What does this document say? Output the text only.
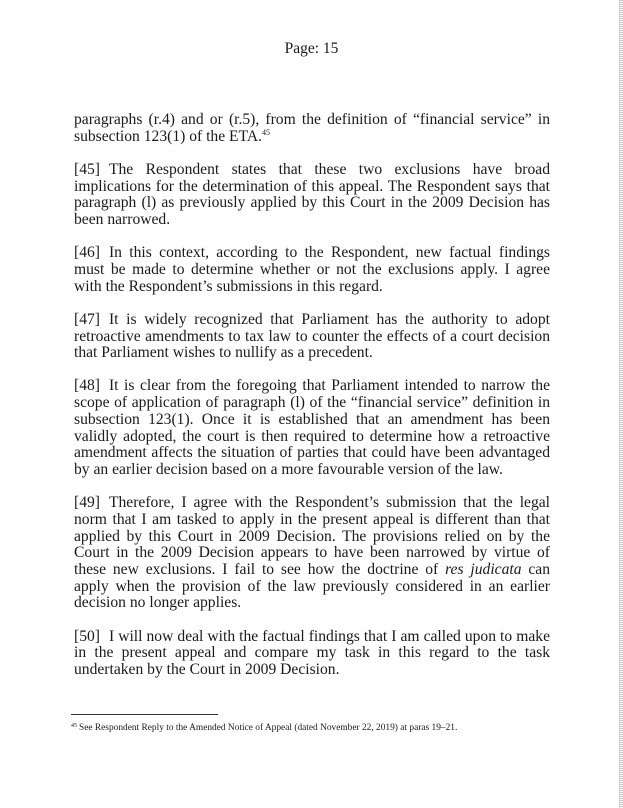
Page: 15

paragraphs (r.4) and or (r.5), from the definition of “financial service” in subsection 123(1) of the ETA.$^{45}$

[45] The Respondent states that these two exclusions have broad implications for the determination of this appeal. The Respondent says that paragraph (l) as previously applied by this Court in the 2009 Decision has been narrowed.

[46] In this context, according to the Respondent, new factual findings must be made to determine whether or not the exclusions apply. I agree with the Respondent’s submissions in this regard.

[47] It is widely recognized that Parliament has the authority to adopt retroactive amendments to tax law to counter the effects of a court decision that Parliament wishes to nullify as a precedent.

[48] It is clear from the foregoing that Parliament intended to narrow the scope of application of paragraph (l) of the “financial service” definition in subsection 123(1). Once it is established that an amendment has been validly adopted, the court is then required to determine how a retroactive amendment affects the situation of parties that could have been advantaged by an earlier decision based on a more favourable version of the law.

[49] Therefore, I agree with the Respondent’s submission that the legal norm that I am tasked to apply in the present appeal is different than that applied by this Court in 2009 Decision. The provisions relied on by the Court in the 2009 Decision appears to have been narrowed by virtue of these new exclusions. I fail to see how the doctrine of res judicata can apply when the provision of the law previously considered in an earlier decision no longer applies.

[50] I will now deal with the factual findings that I am called upon to make in the present appeal and compare my task in this regard to the task undertaken by the Court in 2009 Decision.

$^{45}$ See Respondent Reply to the Amended Notice of Appeal (dated November 22, 2019) at paras 19–21.
